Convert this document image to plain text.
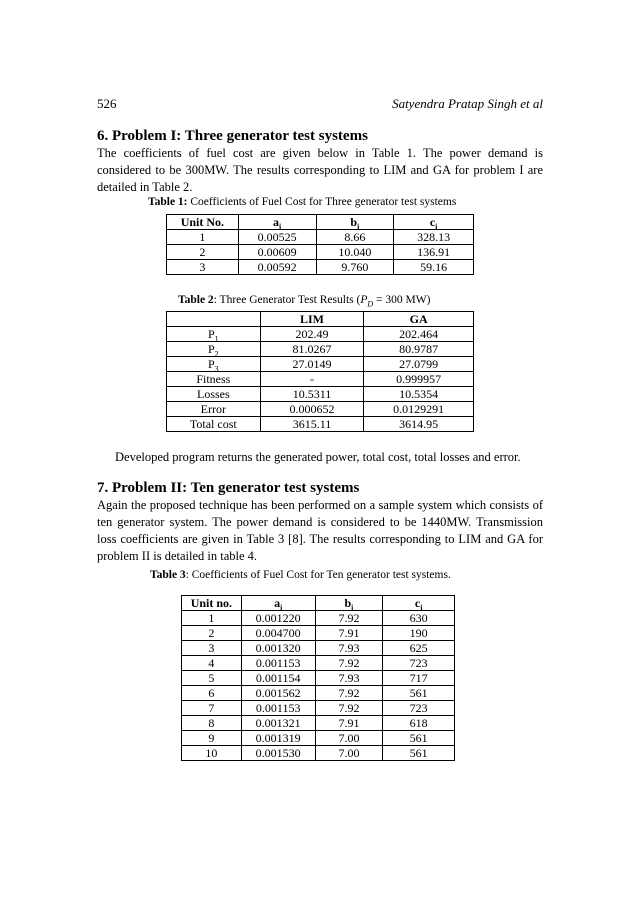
526	Satyendra Pratap Singh et al
6. Problem I: Three generator test systems

The coefficients of fuel cost are given below in Table 1. The power demand is considered to be 300MW. The results corresponding to LIM and GA for problem I are detailed in Table 2.

Table 1: Coefficients of Fuel Cost for Three generator test systems
Unit No.	$a_i$	$b_i$	$c_i$
1	0.00525	8.66	328.13
2	0.00609	10.040	136.91
3	0.00592	9.760	59.16
Table 2: Three Generator Test Results ($P_D = 300$ MW)
	LIM	GA
$P_1$	202.49	202.464
$P_2$	81.0267	80.9787
$P_3$	27.0149	27.0799
Fitness	-	0.999957
Losses	10.5311	10.5354
Error	0.000652	0.0129291
Total cost	3615.11	3614.95

Developed program returns the generated power, total cost, total losses and error.

7. Problem II: Ten generator test systems

Again the proposed technique has been performed on a sample system which consists of ten generator system. The power demand is considered to be 1440MW. Transmission loss coefficients are given in Table 3 [8]. The results corresponding to LIM and GA for problem II is detailed in table 4.

Table 3: Coefficients of Fuel Cost for Ten generator test systems.
Unit no.	$a_i$	$b_i$	$c_i$
1	0.001220	7.92	630
2	0.004700	7.91	190
3	0.001320	7.93	625
4	0.001153	7.92	723
5	0.001154	7.93	717
6	0.001562	7.92	561
7	0.001153	7.92	723
8	0.001321	7.91	618
9	0.001319	7.00	561
10	0.001530	7.00	561
